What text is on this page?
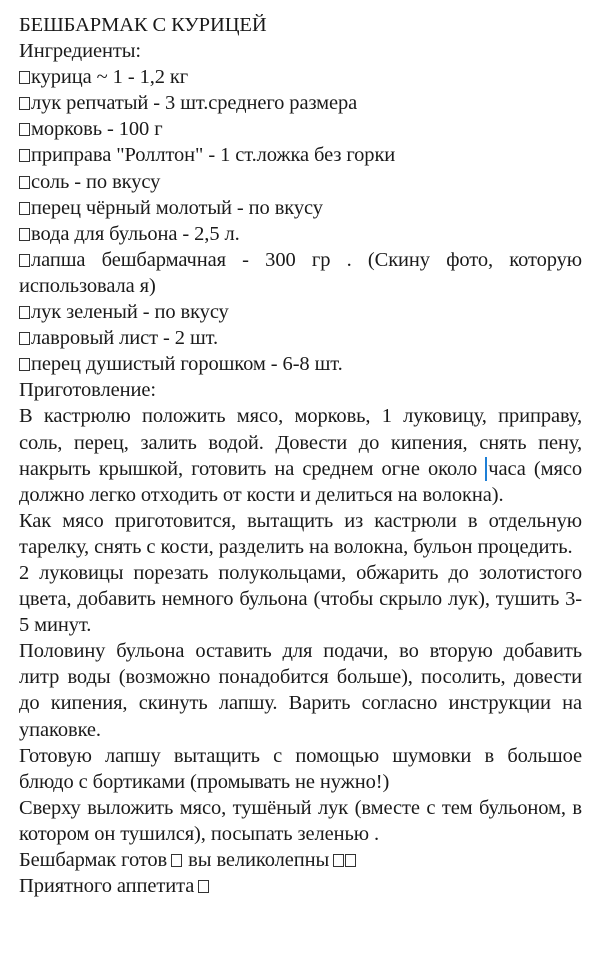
БЕШБАРМАК С КУРИЦЕЙ
Ингредиенты:
курица ~ 1 - 1,2 кг
лук репчатый - 3 шт.среднего размера
морковь - 100 г
приправа "Роллтон" - 1 ст.ложка без горки
соль - по вкусу
перец чёрный молотый - по вкусу
вода для бульона - 2,5 л.
лапша бешбармачная - 300 гр . (Скину фото, которую использовала я)
лук зеленый - по вкусу
лавровый лист - 2 шт.
перец душистый горошком - 6-8 шт.
Приготовление:
В кастрюлю положить мясо, морковь, 1 луковицу, приправу, соль, перец, залить водой. Довести до кипения, снять пену, накрыть крышкой, готовить на среднем огне около часа (мясо должно легко отходить от кости и делиться на волокна).
Как мясо приготовится, вытащить из кастрюли в отдельную тарелку, снять с кости, разделить на волокна, бульон процедить.
2 луковицы порезать полукольцами, обжарить до золотистого цвета, добавить немного бульона (чтобы скрыло лук), тушить 3-5 минут.
Половину бульона оставить для подачи, во вторую добавить литр воды (возможно понадобится больше), посолить, довести до кипения, скинуть лапшу. Варить согласно инструкции на упаковке.
Готовую лапшу вытащить с помощью шумовки в большое блюдо с бортиками (промывать не нужно!)
Сверху выложить мясо, тушёный лук (вместе с тем бульоном, в котором он тушился), посыпать зеленью .
Бешбармак готов вы великолепны
Приятного аппетита
